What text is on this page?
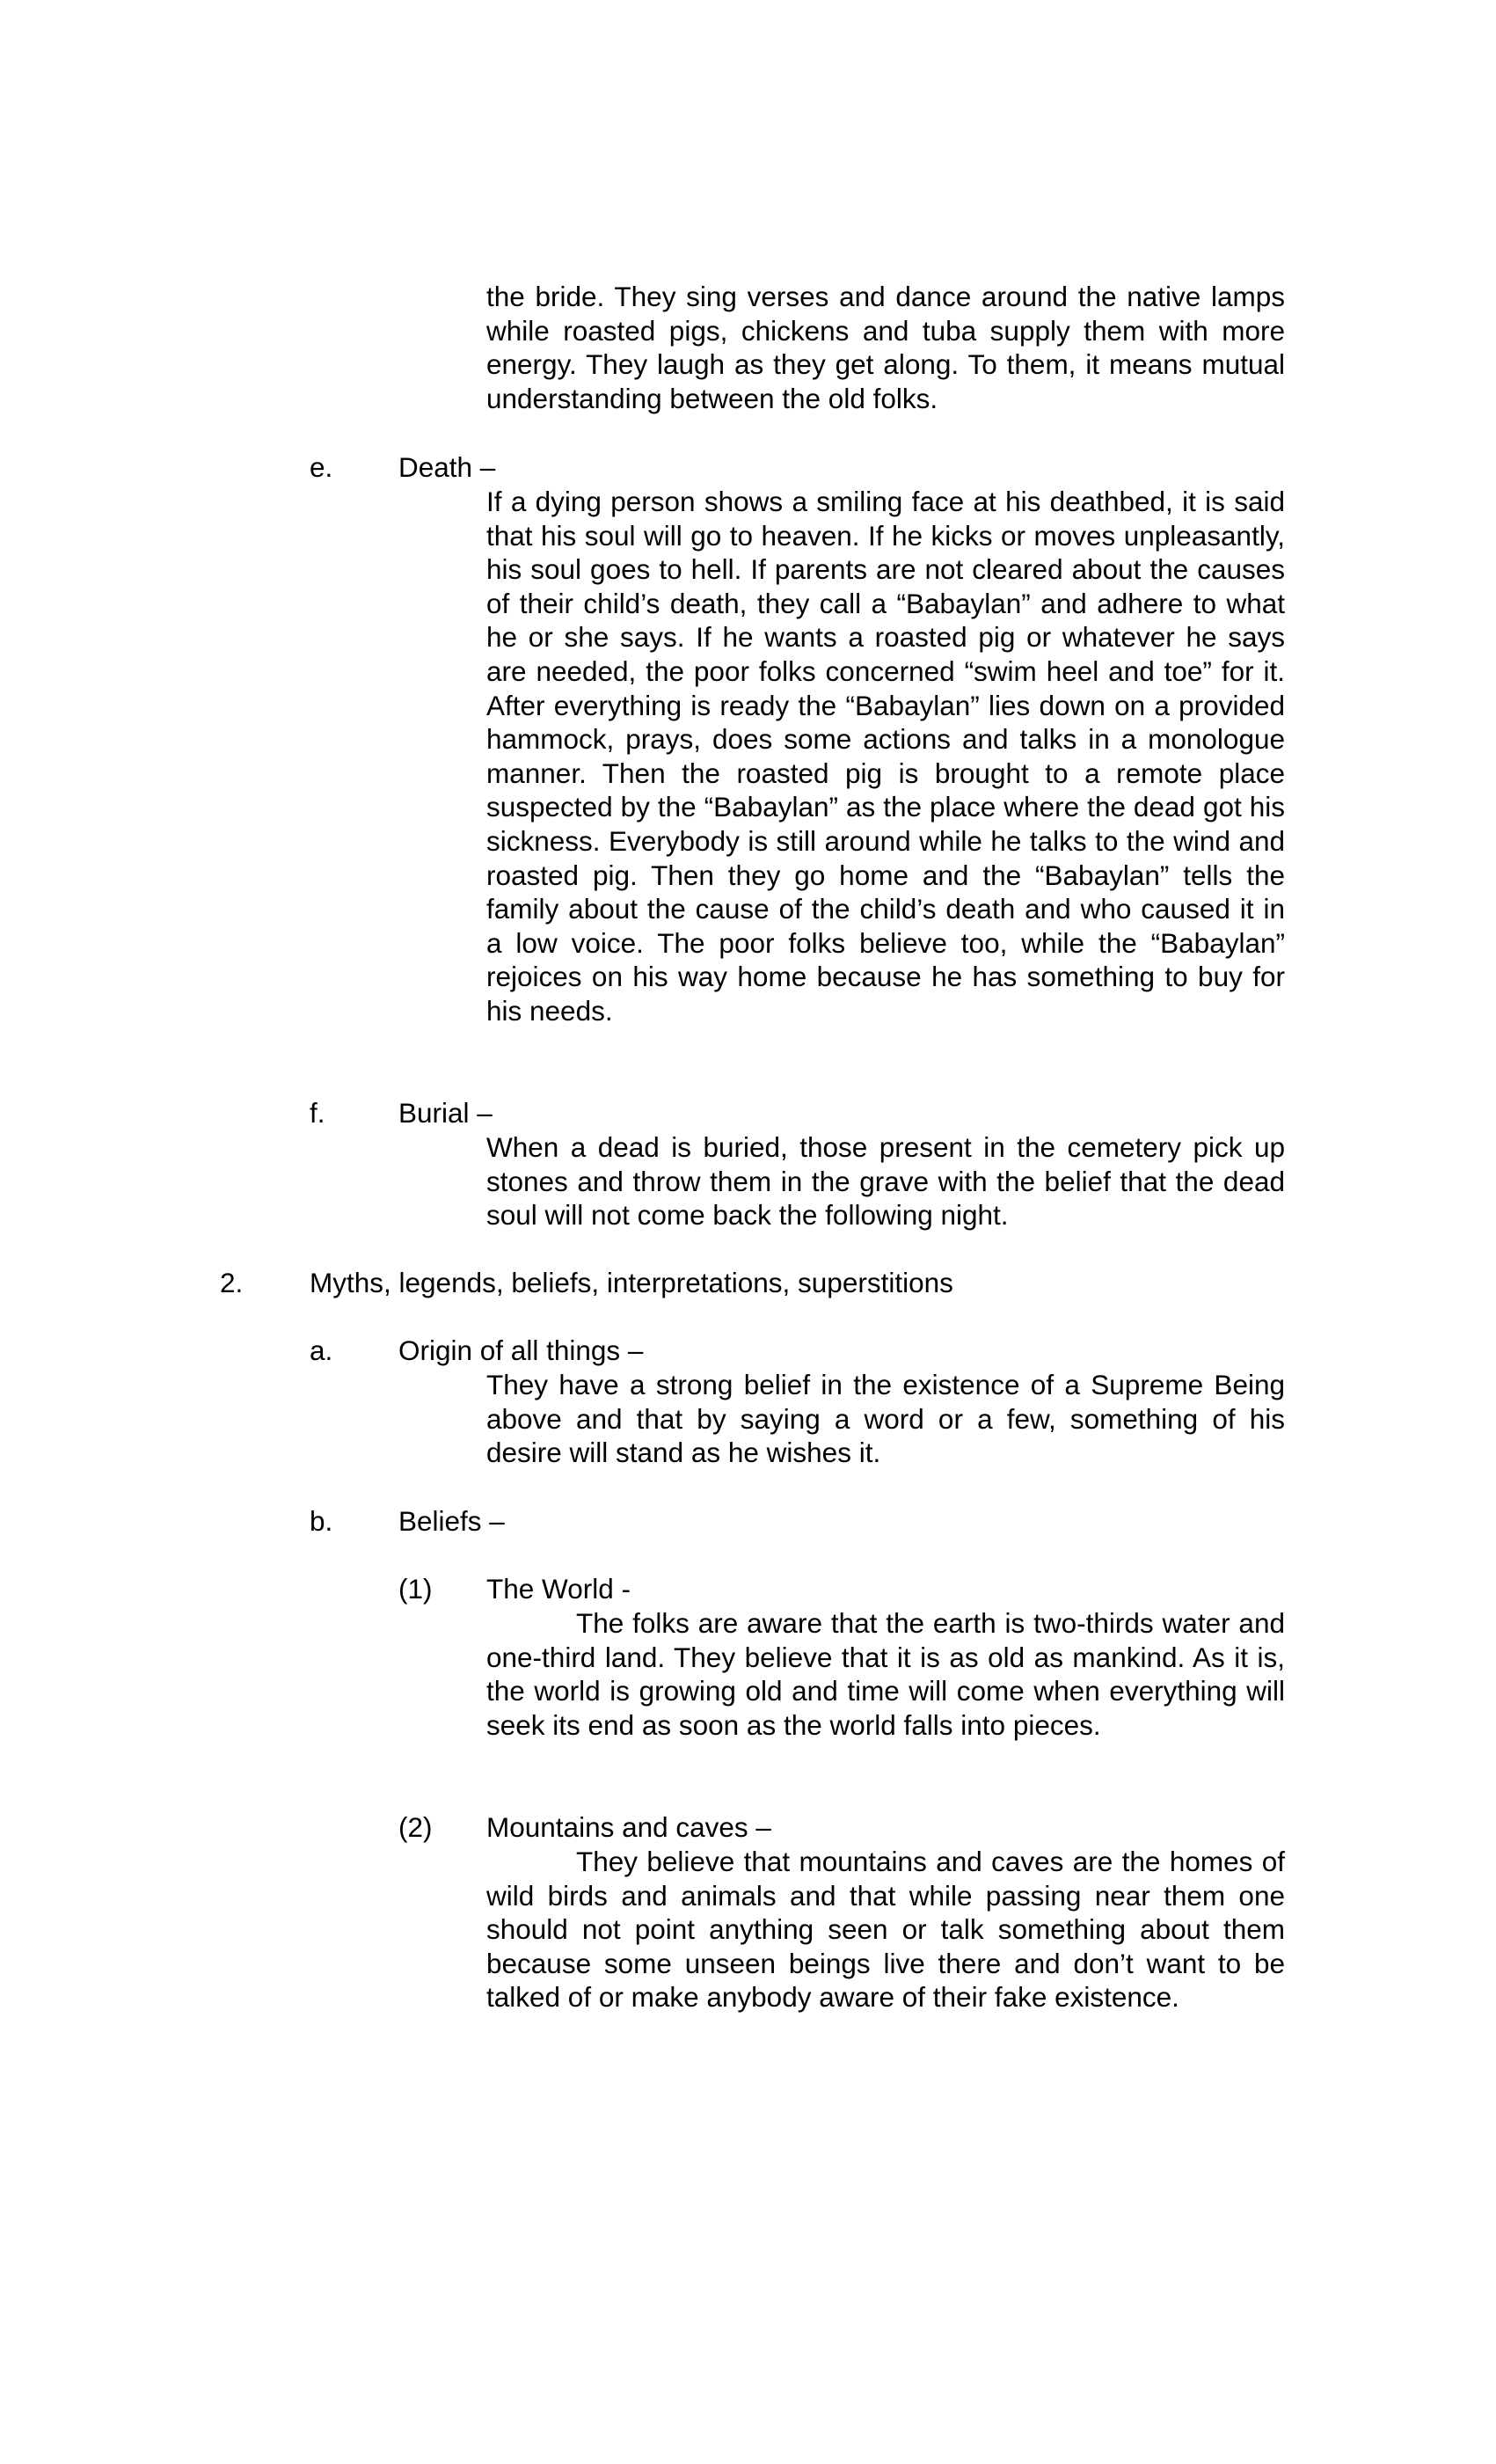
the bride. They sing verses and dance around the native lamps while roasted pigs, chickens and tuba supply them with more energy. They laugh as they get along. To them, it means mutual understanding between the old folks.

e. Death –

If a dying person shows a smiling face at his deathbed, it is said that his soul will go to heaven. If he kicks or moves unpleasantly, his soul goes to hell. If parents are not cleared about the causes of their child’s death, they call a “Babaylan” and adhere to what he or she says. If he wants a roasted pig or whatever he says are needed, the poor folks concerned “swim heel and toe” for it. After everything is ready the “Babaylan” lies down on a provided hammock, prays, does some actions and talks in a monologue manner. Then the roasted pig is brought to a remote place suspected by the “Babaylan” as the place where the dead got his sickness. Everybody is still around while he talks to the wind and roasted pig. Then they go home and the “Babaylan” tells the family about the cause of the child’s death and who caused it in a low voice. The poor folks believe too, while the “Babaylan” rejoices on his way home because he has something to buy for his needs.

f.	Burial –

When a dead is buried, those present in the cemetery pick up stones and throw them in the grave with the belief that the dead soul will not come back the following night.

2. Myths, legends, beliefs, interpretations, superstitions
a. Origin of all things –

They have a strong belief in the existence of a Supreme Being above and that by saying a word or a few, something of his desire will stand as he wishes it.

b. Beliefs –
(1) The World -

The folks are aware that the earth is two-thirds water and one-third land. They believe that it is as old as mankind. As it is, the world is growing old and time will come when everything will seek its end as soon as the world falls into pieces.

(2) Mountains and caves –

They believe that mountains and caves are the homes of wild birds and animals and that while passing near them one should not point anything seen or talk something about them because some unseen beings live there and don’t want to be talked of or make anybody aware of their fake existence.
